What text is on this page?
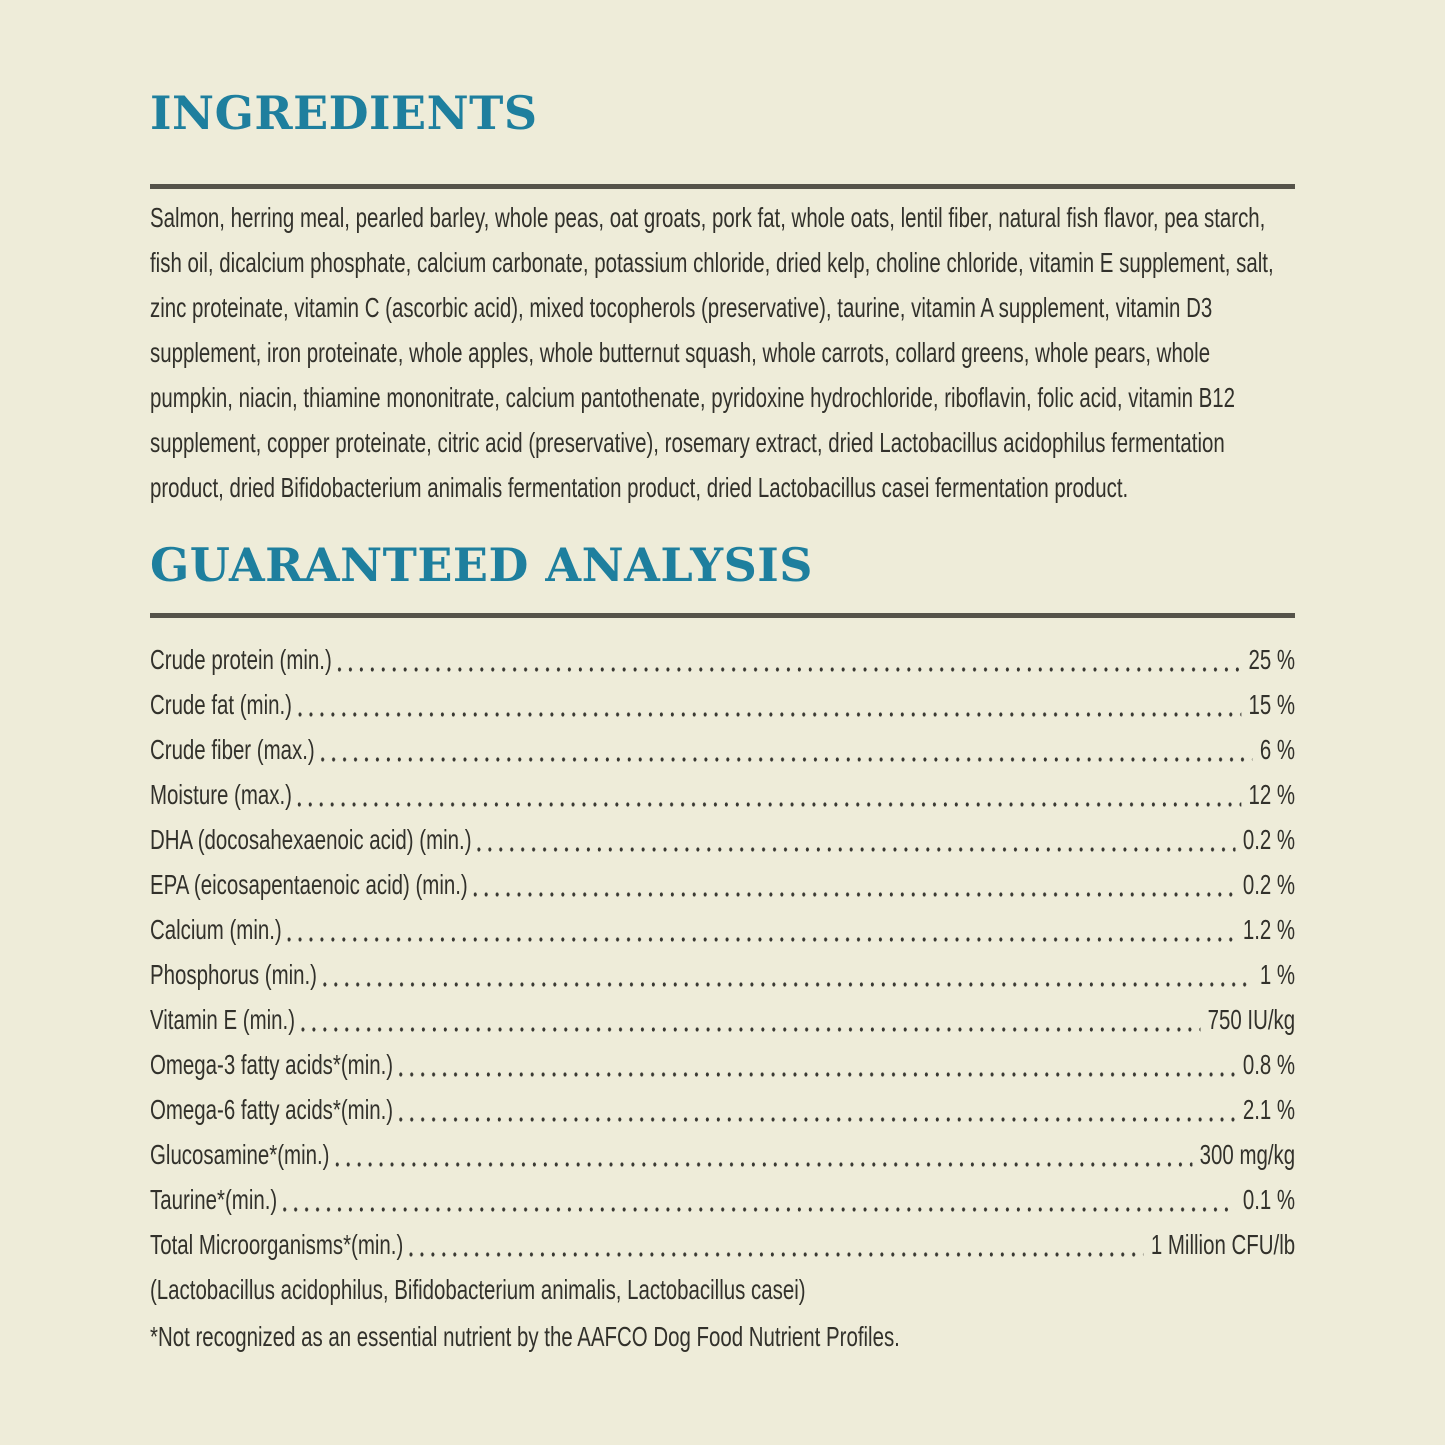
INGREDIENTS

Salmon, herring meal, pearled barley, whole peas, oat groats, pork fat, whole oats, lentil fiber, natural fish flavor, pea starch, fish oil, dicalcium phosphate, calcium carbonate, potassium chloride, dried kelp, choline chloride, vitamin E supplement, salt, zinc proteinate, vitamin C (ascorbic acid), mixed tocopherols (preservative), taurine, vitamin A supplement, vitamin D3 supplement, iron proteinate, whole apples, whole butternut squash, whole carrots, collard greens, whole pears, whole pumpkin, niacin, thiamine mononitrate, calcium pantothenate, pyridoxine hydrochloride, riboflavin, folic acid, vitamin B12 supplement, copper proteinate, citric acid (preservative), rosemary extract, dried Lactobacillus acidophilus fermentation product, dried Bifidobacterium animalis fermentation product, dried Lactobacillus casei fermentation product.

GUARANTEED ANALYSIS
Crude protein (min.)	25 %
Crude fat (min.)	15 %
Crude fiber (max.)	6 %
Moisture (max.)	12 %
DHA (docosahexaenoic acid) (min.)	0.2 %
EPA (eicosapentaenoic acid) (min.)	0.2 %
Calcium (min.)	1.2 %
Phosphorus (min.)	1 %
Vitamin E (min.)	750 IU/kg
Omega-3 fatty acids*(min.)	0.8 %
Omega-6 fatty acids*(min.)	2.1 %
Glucosamine*(min.)	300 mg/kg
Taurine*(min.)	0.1 %
Total Microorganisms*(min.)	1 Million CFU/lb
(Lactobacillus acidophilus, Bifidobacterium animalis, Lactobacillus casei)
*Not recognized as an essential nutrient by the AAFCO Dog Food Nutrient Profiles.
